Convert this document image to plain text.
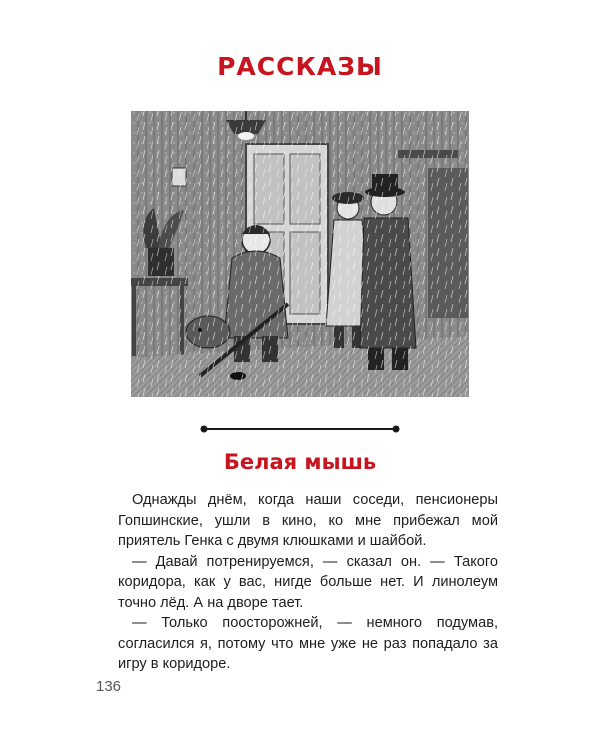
РАССКАЗЫ
Белая мышь

Однажды днём, когда наши соседи, пенсионеры Гопшинские, ушли в кино, ко мне прибежал мой приятель Генка с двумя клюшками и шайбой.

— Давай потренируемся, — сказал он. — Такого коридора, как у вас, нигде больше нет. И линолеум точно лёд. А на дворе тает.

— Только поосторожней, — немного подумав, согласился я, потому что мне уже не раз попадало за игру в коридоре.

136
